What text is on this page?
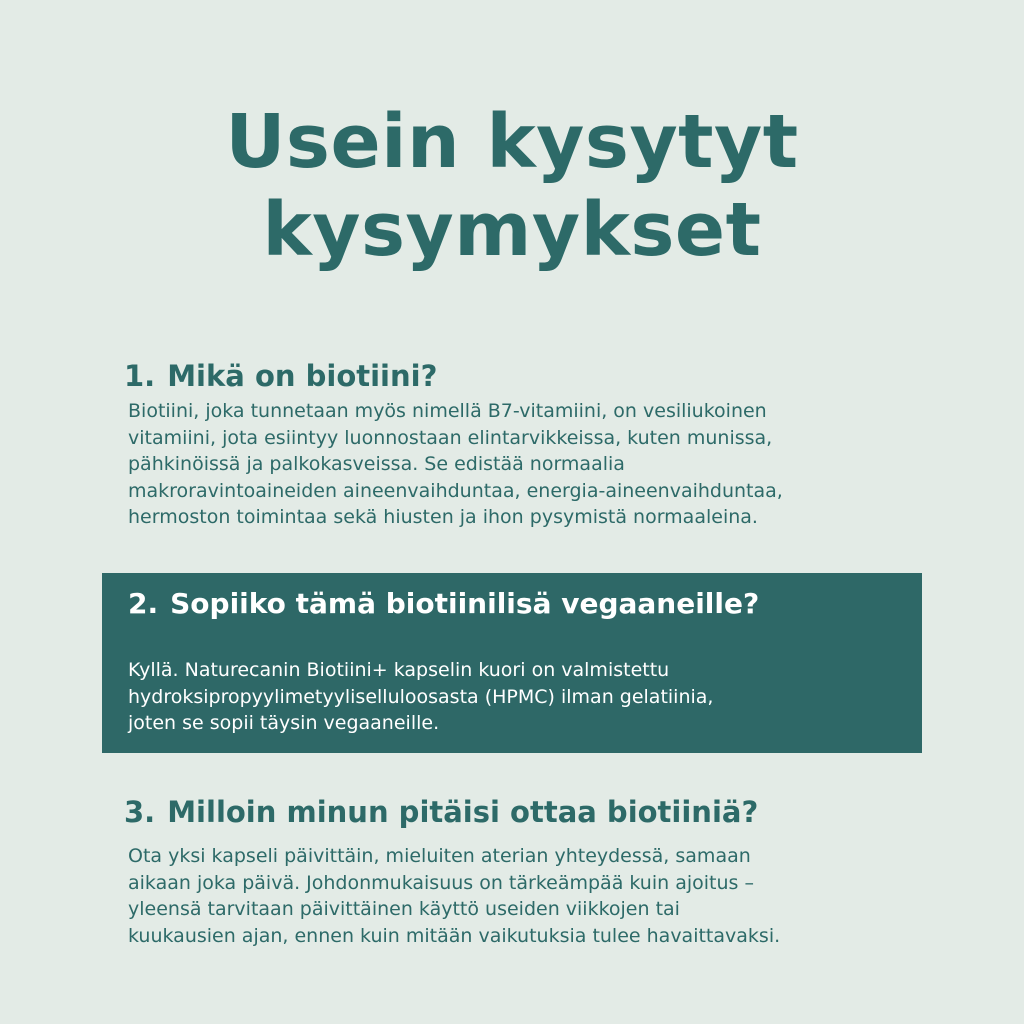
Usein kysytyt
kysymykset
1. Mikä on biotiini?

Biotiini, joka tunnetaan myös nimellä B7-vitamiini, on vesiliukoinen
vitamiini, jota esiintyy luonnostaan elintarvikkeissa, kuten munissa,
pähkinöissä ja palkokasveissa. Se edistää normaalia
makroravintoaineiden aineenvaihduntaa, energia-aineenvaihduntaa,
hermoston toimintaa sekä hiusten ja ihon pysymistä normaaleina.

2. Sopiiko tämä biotiinilisä vegaaneille?

Kyllä. Naturecanin Biotiini+ kapselin kuori on valmistettu
hydroksipropyylimetyyliselluloosasta (HPMC) ilman gelatiinia,
joten se sopii täysin vegaaneille.

3. Milloin minun pitäisi ottaa biotiiniä?

Ota yksi kapseli päivittäin, mieluiten aterian yhteydessä, samaan
aikaan joka päivä. Johdonmukaisuus on tärkeämpää kuin ajoitus –
yleensä tarvitaan päivittäinen käyttö useiden viikkojen tai
kuukausien ajan, ennen kuin mitään vaikutuksia tulee havaittavaksi.
